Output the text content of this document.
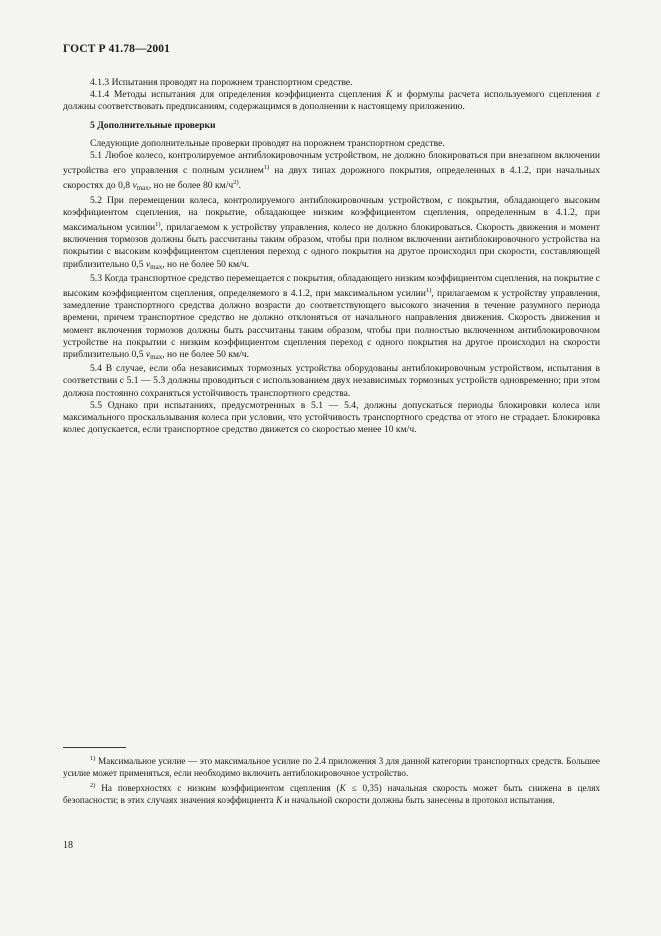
ГОСТ Р 41.78—2001

4.1.3 Испытания проводят на порожнем транспортном средстве.

4.1.4 Методы испытания для определения коэффициента сцепления K и формулы расчета используемого сцепления ε должны соответствовать предписаниям, содержащимся в дополнении к настоящему приложению.

5 Дополнительные проверки

Следующие дополнительные проверки проводят на порожнем транспортном средстве.

5.1 Любое колесо, контролируемое антиблокировочным устройством, не должно блокироваться при внезапном включении устройства его управления с полным усилием$^{1)}$ на двух типах дорожного покрытия, определенных в 4.1.2, при начальных скоростях до 0,8 $v_{max}$, но не более 80 $км/ч^{2)}$.

5.2 При перемещении колеса, контролируемого антиблокировочным устройством, с покрытия, обладающего высоким коэффициентом сцепления, на покрытие, обладающее низким коэффициентом сцепления, определенным в 4.1.2, при максимальном усилии$^{1)}$, прилагаемом к устройству управления, колесо не должно блокироваться. Скорость движения и момент включения тормозов должны быть рассчитаны таким образом, чтобы при полном включении антиблокировочного устройства на покрытии с высоким коэффициентом сцепления переход с одного покрытия на другое происходил при скорости, составляющей приблизительно 0,5 $v_{max}$, но не более 50 км/ч.

5.3 Когда транспортное средство перемещается с покрытия, обладающего низким коэффициентом сцепления, на покрытие с высоким коэффициентом сцепления, определяемого в 4.1.2, при максимальном усилии$^{1)}$, прилагаемом к устройству управления, замедление транспортного средства должно возрасти до соответствующего высокого значения в течение разумного периода времени, причем транспортное средство не должно отклоняться от начального направления движения. Скорость движения и момент включения тормозов должны быть рассчитаны таким образом, чтобы при полностью включенном антиблокировочном устройстве на покрытии с низким коэффициентом сцепления переход с одного покрытия на другое происходил на скорости приблизительно 0,5 $v_{max}$, но не более 50 км/ч.

5.4 В случае, если оба независимых тормозных устройства оборудованы антиблокировочным устройством, испытания в соответствии с 5.1 — 5.3 должны проводиться с использованием двух независимых тормозных устройств одновременно; при этом должна постоянно сохраняться устойчивость транспортного средства.

5.5 Однако при испытаниях, предусмотренных в 5.1 — 5.4, должны допускаться периоды блокировки колеса или максимального проскальзывания колеса при условии, что устойчивость транспортного средства от этого не страдает. Блокировка колес допускается, если транспортное средство движется со скоростью менее 10 км/ч.

$^{1)}$ Максимальное усилие — это максимальное усилие по 2.4 приложения 3 для данной категории транспортных средств. Большее усилие может применяться, если необходимо включить антиблокировочное устройство.

$^{2)}$ На поверхностях с низким коэффициентом сцепления (K ≤ 0,35) начальная скорость может быть снижена в целях безопасности; в этих случаях значения коэффициента K и начальной скорости должны быть занесены в протокол испытания.

18
